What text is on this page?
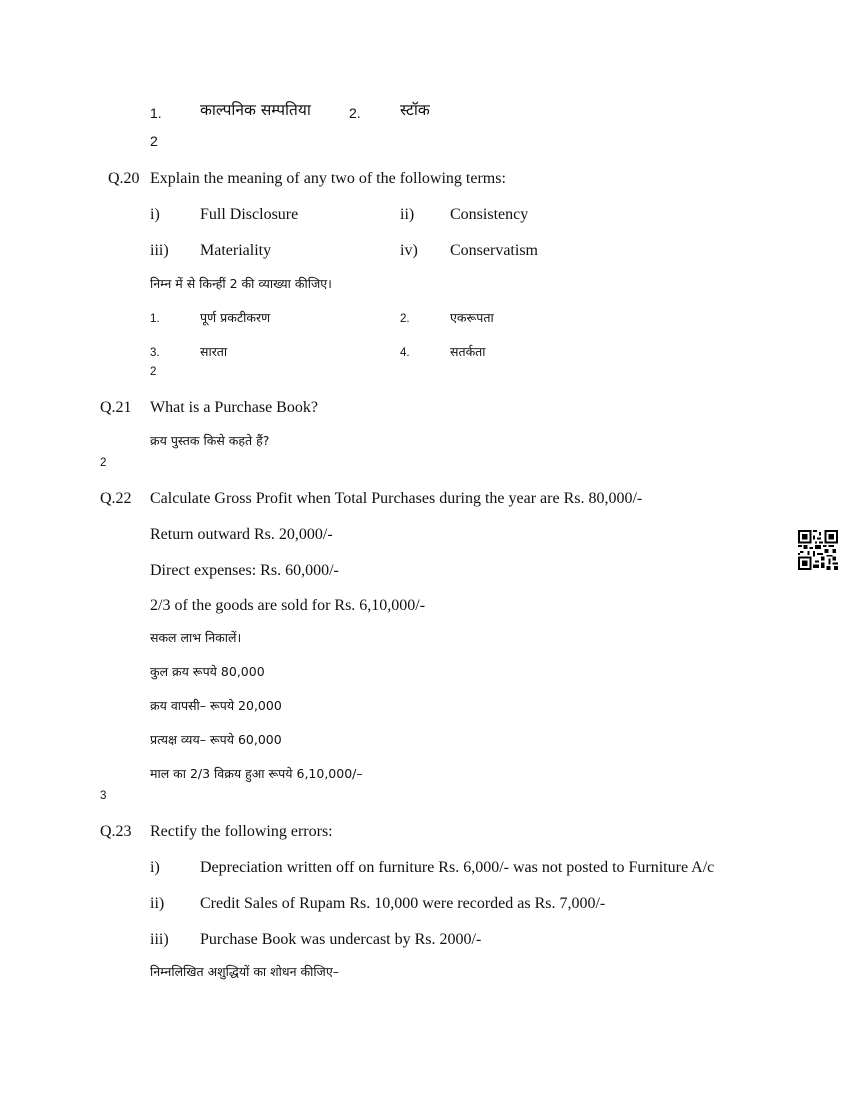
1. काल्पनिक सम्पतिया	2.	स्टॉक
2
Q.20 Explain the meaning of any two of the following terms:
i)	Full Disclosure	ii) Consistency
iii) Materiality	iv) Conservatism
निम्न में से किन्हीं 2 की व्याख्या कीजिए।
1.	पूर्ण प्रकटीकरण	2.	एकरूपता
3.	सारता	4.	सतर्कता
2
Q.21 What is a Purchase Book?
क्रय पुस्तक किसे कहते हैं?
2
Q.22 Calculate Gross Profit when Total Purchases during the year are Rs. 80,000/-
Return outward Rs. 20,000/-
Direct expenses: Rs. 60,000/-
2/3 of the goods are sold for Rs. 6,10,000/-
सकल लाभ निकालें।
कुल क्रय रूपये 80,000
क्रय वापसी– रूपये 20,000
प्रत्यक्ष व्यय– रूपये 60,000
माल का 2/3 विक्रय हुआ रूपये 6,10,000/–
3
Q.23 Rectify the following errors:
i)	Depreciation written off on furniture Rs. 6,000/- was not posted to Furniture A/c
ii) Credit Sales of Rupam Rs. 10,000 were recorded as Rs. 7,000/-
iii) Purchase Book was undercast by Rs. 2000/-
निम्नलिखित अशुद्धियों का शोधन कीजिए–
